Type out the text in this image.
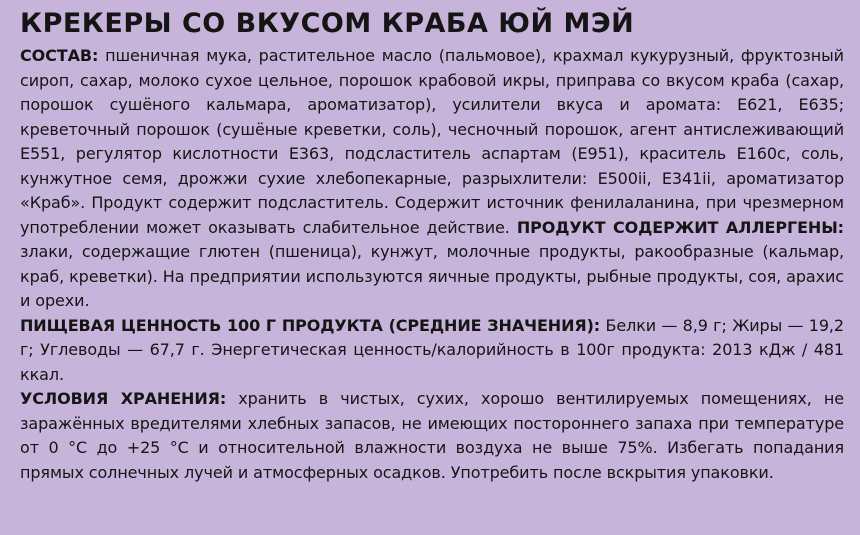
КРЕКЕРЫ СО ВКУСОМ КРАБА ЮЙ МЭЙ

СОСТАВ: пшеничная мука, растительное масло (пальмовое), крахмал кукурузный, фруктозный сироп, сахар, молоко сухое цельное, порошок крабовой икры, приправа со вкусом краба (сахар, порошок сушёного кальмара, ароматизатор), усилители вкуса и аромата: Е621, Е635; креветочный порошок (сушёные креветки, соль), чесночный порошок, агент антислеживающий Е551, регулятор кислотности Е363, подсластитель аспартам (Е951), краситель Е160с, соль, кунжутное семя, дрожжи сухие хлебопекарные, разрыхлители: Е500ii, Е341ii, ароматизатор «Краб». Продукт содержит подсластитель. Содержит источник фенилаланина, при чрезмерном употреблении может оказывать слабительное действие. ПРОДУКТ СОДЕРЖИТ АЛЛЕРГЕНЫ: злаки, содержащие глютен (пшеница), кунжут, молочные продукты, ракообразные (кальмар, краб, креветки). На предприятии используются яичные продукты, рыбные продукты, соя, арахис и орехи.

ПИЩЕВАЯ ЦЕННОСТЬ 100 Г ПРОДУКТА (СРЕДНИЕ ЗНАЧЕНИЯ): Белки — 8,9 г; Жиры — 19,2 г; Углеводы — 67,7 г. Энергетическая ценность/калорийность в 100г продукта: 2013 кДж / 481 ккал.

УСЛОВИЯ ХРАНЕНИЯ: хранить в чистых, сухих, хорошо вентилируемых помещениях, не заражённых вредителями хлебных запасов, не имеющих постороннего запаха при температуре от 0 °С до +25 °С и относительной влажности воздуха не выше 75%. Избегать попадания прямых солнечных лучей и атмосферных осадков. Употребить после вскрытия упаковки.
